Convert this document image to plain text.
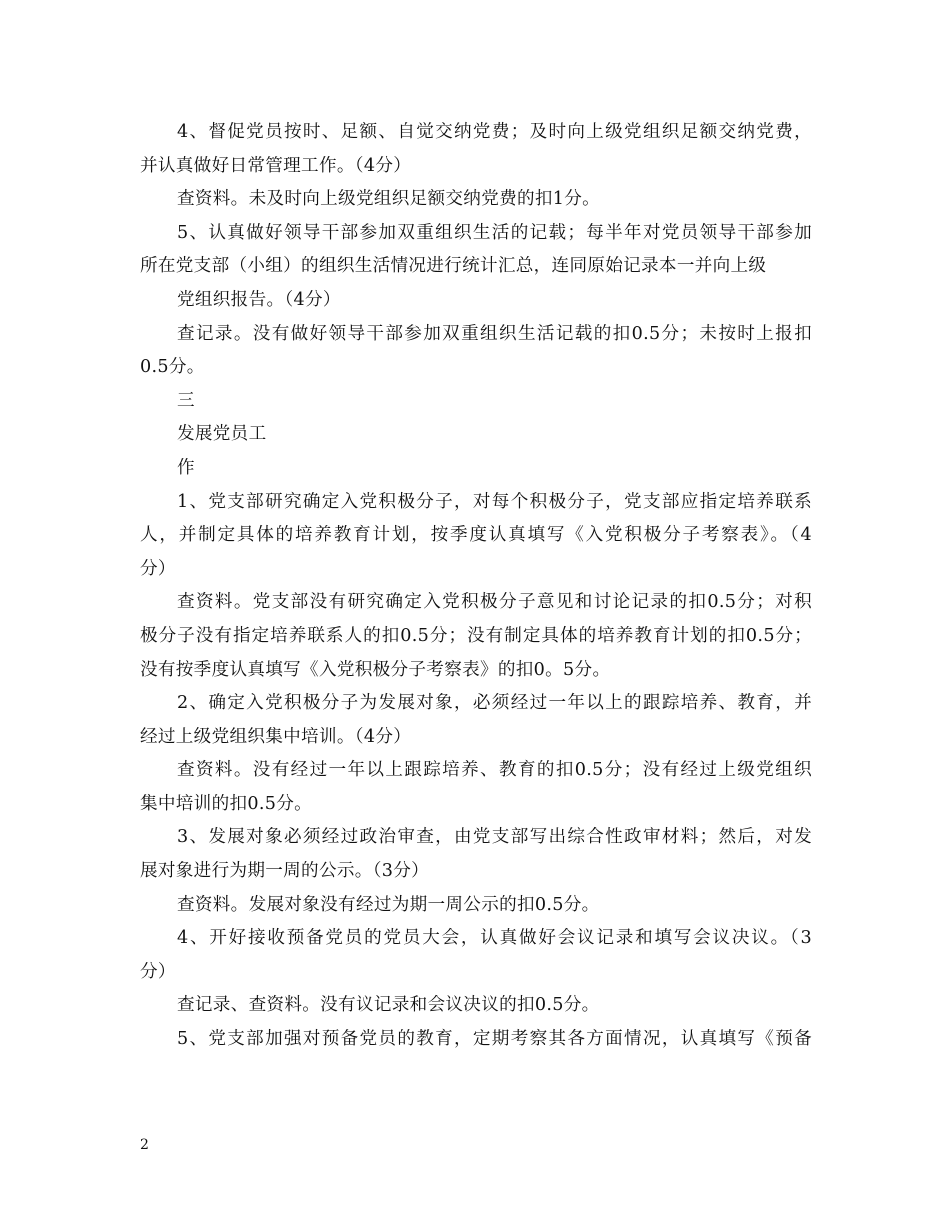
4、督促党员按时、足额、自觉交纳党费；及时向上级党组织足额交纳党费，
并认真做好日常管理工作。（4分）
查资料。未及时向上级党组织足额交纳党费的扣1分。
5、认真做好领导干部参加双重组织生活的记载；每半年对党员领导干部参加
所在党支部（小组）的组织生活情况进行统计汇总，连同原始记录本一并向上级
党组织报告。（4分）
查记录。没有做好领导干部参加双重组织生活记载的扣0.5分；未按时上报扣
0.5分。
三
发展党员工
作
1、党支部研究确定入党积极分子，对每个积极分子，党支部应指定培养联系
人，并制定具体的培养教育计划，按季度认真填写《入党积极分子考察表》。（4
分）
查资料。党支部没有研究确定入党积极分子意见和讨论记录的扣0.5分；对积
极分子没有指定培养联系人的扣0.5分；没有制定具体的培养教育计划的扣0.5分；
没有按季度认真填写《入党积极分子考察表》的扣0。5分。
2、确定入党积极分子为发展对象，必须经过一年以上的跟踪培养、教育，并
经过上级党组织集中培训。（4分）
查资料。没有经过一年以上跟踪培养、教育的扣0.5分；没有经过上级党组织
集中培训的扣0.5分。
3、发展对象必须经过政治审查，由党支部写出综合性政审材料；然后，对发
展对象进行为期一周的公示。（3分）
查资料。发展对象没有经过为期一周公示的扣0.5分。
4、开好接收预备党员的党员大会，认真做好会议记录和填写会议决议。（3
分）
查记录、查资料。没有议记录和会议决议的扣0.5分。
5、党支部加强对预备党员的教育，定期考察其各方面情况，认真填写《预备
2
